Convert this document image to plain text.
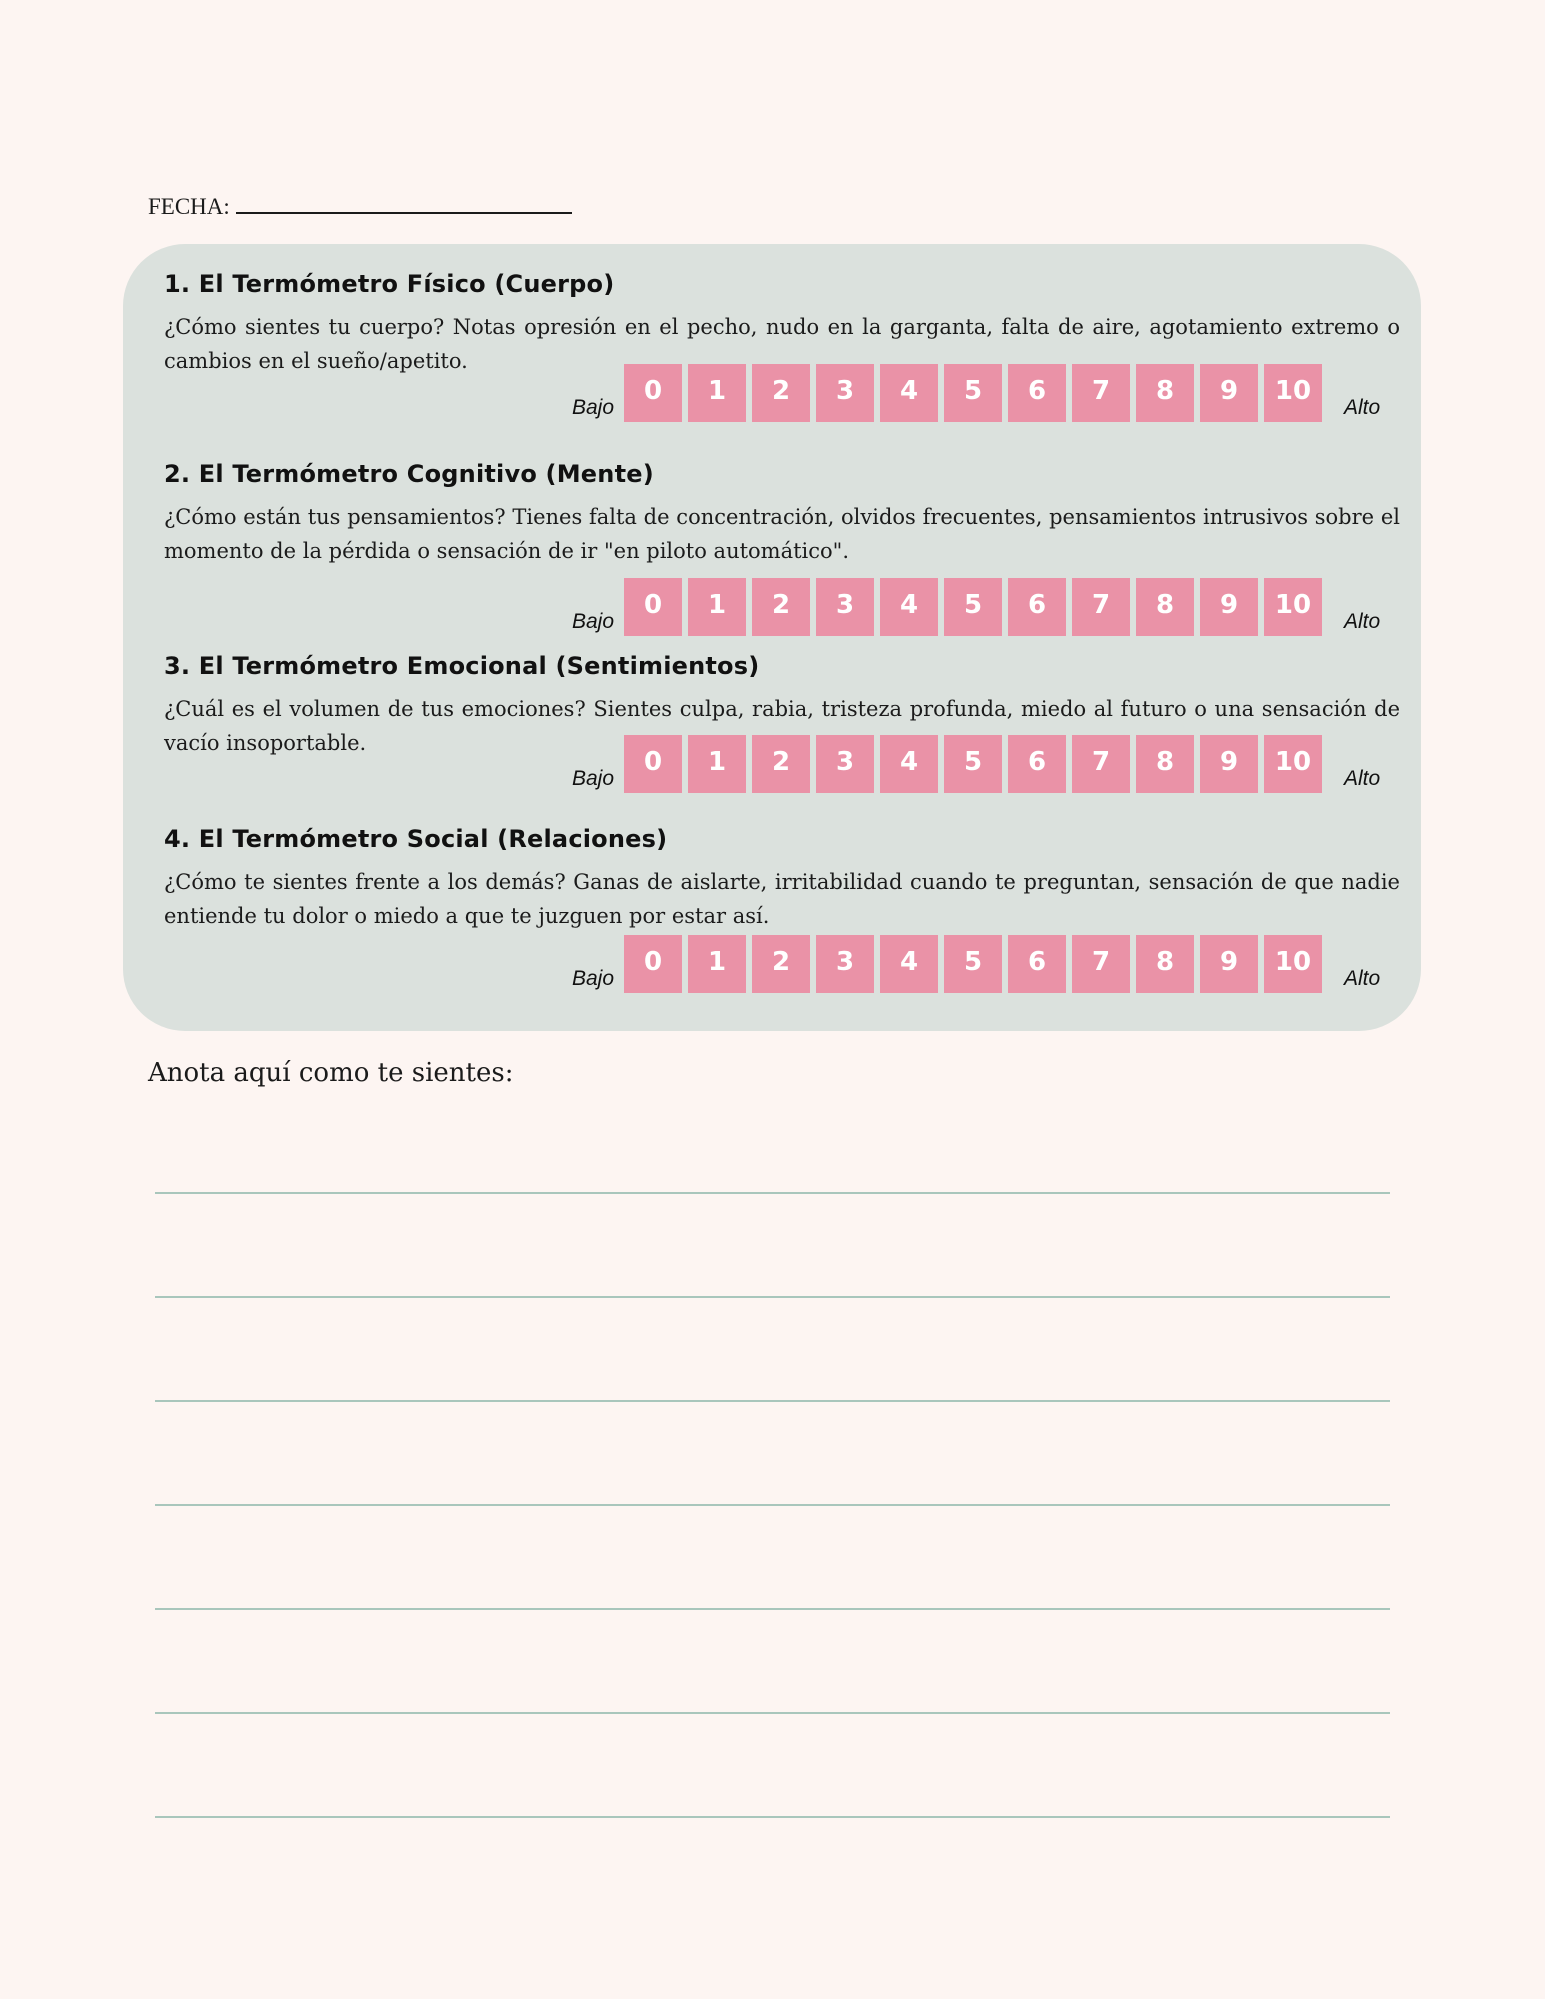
FECHA:
1. El Termómetro Físico (Cuerpo)

¿Cómo sientes tu cuerpo? Notas opresión en el pecho, nudo en la garganta, falta de aire, agotamiento extremo o cambios en el sueño/apetito.

Bajo
0	1	2	3	4	5	6	7	8	9	10
Alto
2. El Termómetro Cognitivo (Mente)

¿Cómo están tus pensamientos? Tienes falta de concentración, olvidos frecuentes, pensamientos intrusivos sobre el momento de la pérdida o sensación de ir "en piloto automático".

Bajo
0	1	2	3	4	5	6	7	8	9	10
Alto
3. El Termómetro Emocional (Sentimientos)

¿Cuál es el volumen de tus emociones? Sientes culpa, rabia, tristeza profunda, miedo al futuro o una sensación de vacío insoportable.

Bajo
0	1	2	3	4	5	6	7	8	9	10
Alto
4. El Termómetro Social (Relaciones)

¿Cómo te sientes frente a los demás? Ganas de aislarte, irritabilidad cuando te preguntan, sensación de que nadie entiende tu dolor o miedo a que te juzguen por estar así.

Bajo
0	1	2	3	4	5	6	7	8	9	10
Alto
Anota aquí como te sientes:
